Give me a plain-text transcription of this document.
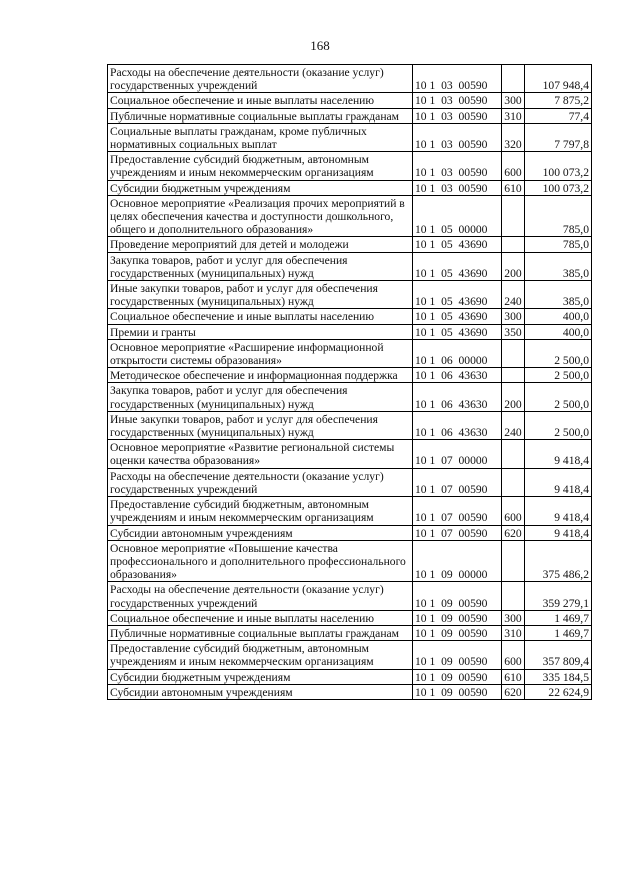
168
Расходы на обеспечение деятельности (оказание услуг) государственных учреждений	10 1  03  00590		107 948,4
Социальное обеспечение и иные выплаты населению	10 1  03  00590	300	7 875,2
Публичные нормативные социальные выплаты гражданам	10 1  03  00590	310	77,4
Социальные выплаты гражданам, кроме публичных нормативных социальных выплат	10 1  03  00590	320	7 797,8
Предоставление субсидий бюджетным, автономным учреждениям и иным некоммерческим организациям	10 1  03  00590	600	100 073,2
Субсидии бюджетным учреждениям	10 1  03  00590	610	100 073,2
Основное мероприятие «Реализация прочих мероприятий в целях обеспечения качества и доступности дошкольного, общего и дополнительного образования»	10 1  05  00000		785,0
Проведение мероприятий для детей и молодежи	10 1  05  43690		785,0
Закупка товаров, работ и услуг для обеспечения государственных (муниципальных) нужд	10 1  05  43690	200	385,0
Иные закупки товаров, работ и услуг для обеспечения государственных (муниципальных) нужд	10 1  05  43690	240	385,0
Социальное обеспечение и иные выплаты населению	10 1  05  43690	300	400,0
Премии и гранты	10 1  05  43690	350	400,0
Основное мероприятие «Расширение информационной открытости системы образования»	10 1  06  00000		2 500,0
Методическое обеспечение и информационная поддержка	10 1  06  43630		2 500,0
Закупка товаров, работ и услуг для обеспечения государственных (муниципальных) нужд	10 1  06  43630	200	2 500,0
Иные закупки товаров, работ и услуг для обеспечения государственных (муниципальных) нужд	10 1  06  43630	240	2 500,0
Основное мероприятие «Развитие региональной системы оценки качества образования»	10 1  07  00000		9 418,4
Расходы на обеспечение деятельности (оказание услуг) государственных учреждений	10 1  07  00590		9 418,4
Предоставление субсидий бюджетным, автономным учреждениям и иным некоммерческим организациям	10 1  07  00590	600	9 418,4
Субсидии автономным учреждениям	10 1  07  00590	620	9 418,4
Основное мероприятие «Повышение качества профессионального и дополнительного профессионального образования»	10 1  09  00000		375 486,2
Расходы на обеспечение деятельности (оказание услуг) государственных учреждений	10 1  09  00590		359 279,1
Социальное обеспечение и иные выплаты населению	10 1  09  00590	300	1 469,7
Публичные нормативные социальные выплаты гражданам	10 1  09  00590	310	1 469,7
Предоставление субсидий бюджетным, автономным учреждениям и иным некоммерческим организациям	10 1  09  00590	600	357 809,4
Субсидии бюджетным учреждениям	10 1  09  00590	610	335 184,5
Субсидии автономным учреждениям	10 1  09  00590	620	22 624,9
